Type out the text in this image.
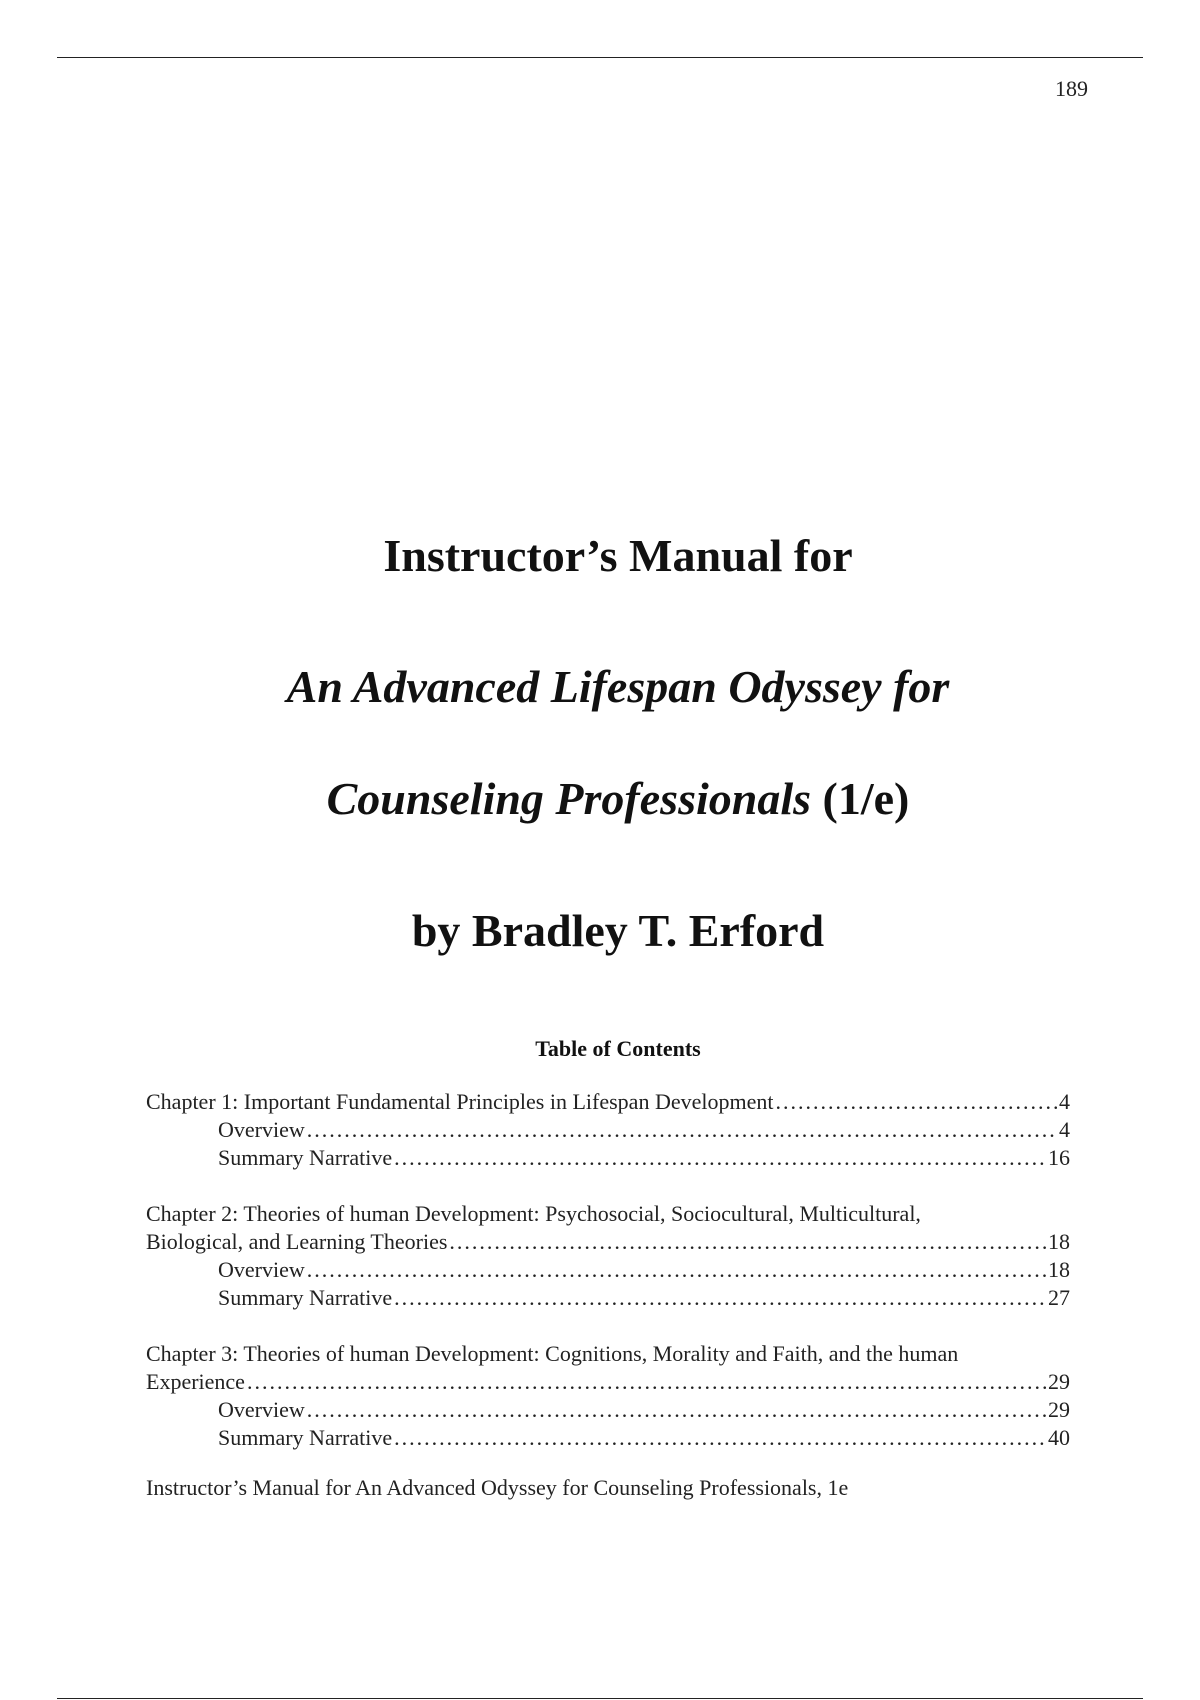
189
Instructor’s Manual for
An Advanced Lifespan Odyssey for
Counseling Professionals (1/e)
by Bradley T. Erford
Table of Contents
Chapter 1: Important Fundamental Principles in Lifespan Development .....	4
Overview .....	4
Summary Narrative .....	16
Chapter 2: Theories of human Development: Psychosocial, Sociocultural, Multicultural,
Biological, and Learning Theories .....	18
Overview .....	18
Summary Narrative .....	27
Chapter 3: Theories of human Development: Cognitions, Morality and Faith, and the human
Experience .....	29
Overview .....	29
Summary Narrative .....	40
Instructor’s Manual for An Advanced Odyssey for Counseling Professionals, 1e
